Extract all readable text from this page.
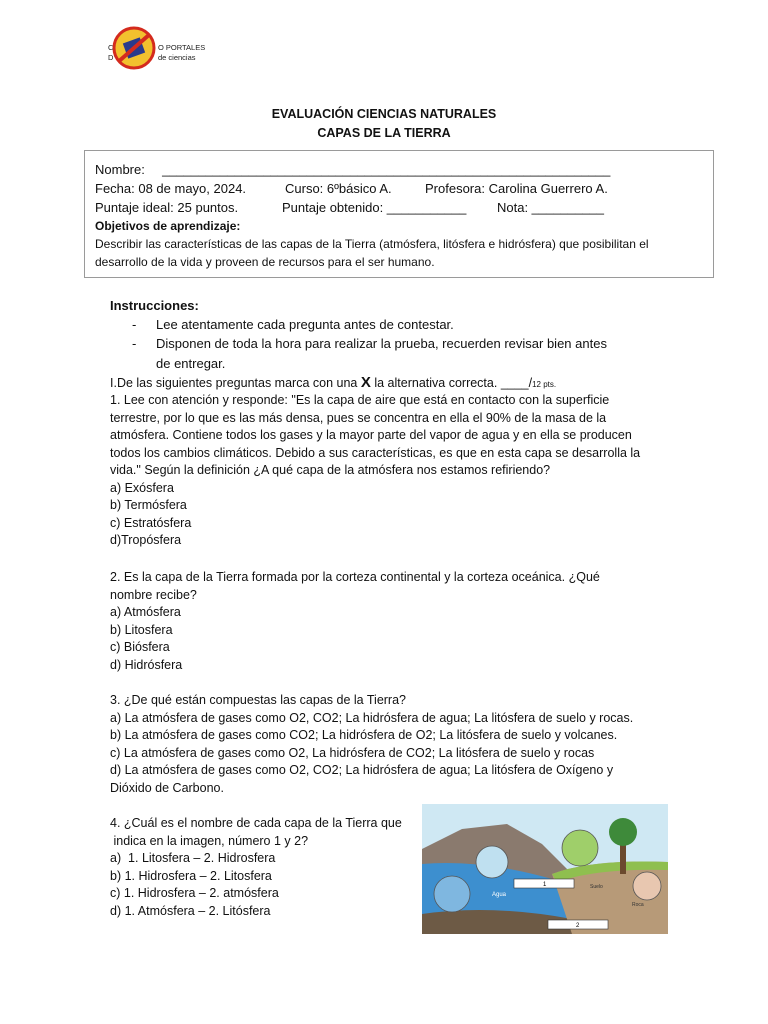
C	O PORTALES
D	de ciencias
EVALUACIÓN CIENCIAS NATURALES
CAPAS DE LA TIERRA
Nombre: ______________________________________________________________
Fecha: 08 de mayo, 2024.	Curso: 6ºbásico A.	Profesora: Carolina Guerrero A.
Puntaje ideal: 25 puntos.	Puntaje obtenido: ___________ Nota: __________
Objetivos de aprendizaje:
Describir las características de las capas de la Tierra (atmósfera, litósfera e hidrósfera) que posibilitan el
desarrollo de la vida y proveen de recursos para el ser humano.
Instrucciones:
- Lee atentamente cada pregunta antes de contestar.
- Disponen de toda la hora para realizar la prueba, recuerden revisar bien antes
de entregar.
I.De las siguientes preguntas marca con una X la alternativa correcta. ____/12 pts.
1. Lee con atención y responde: "Es la capa de aire que está en contacto con la superficie
terrestre, por lo que es las más densa, pues se concentra en ella el 90% de la masa de la
atmósfera. Contiene todos los gases y la mayor parte del vapor de agua y en ella se producen
todos los cambios climáticos. Debido a sus características, es que en esta capa se desarrolla la
vida." Según la definición ¿A qué capa de la atmósfera nos estamos refiriendo?
a) Exósfera
b) Termósfera
c) Estratósfera
d)Tropósfera
2. Es la capa de la Tierra formada por la corteza continental y la corteza oceánica. ¿Qué
nombre recibe?
a) Atmósfera
b) Litosfera
c) Biósfera
d) Hidrósfera
3. ¿De qué están compuestas las capas de la Tierra?
a) La atmósfera de gases como O2, CO2; La hidrósfera de agua; La litósfera de suelo y rocas.
b) La atmósfera de gases como CO2; La hidrósfera de O2; La litósfera de suelo y volcanes.
c) La atmósfera de gases como O2, La hidrósfera de CO2; La litósfera de suelo y rocas
d) La atmósfera de gases como O2, CO2; La hidrósfera de agua; La litósfera de Oxígeno y
Dióxido de Carbono.
4. ¿Cuál es el nombre de cada capa de la Tierra que
indica en la imagen, número 1 y 2?
a)  1. Litosfera – 2. Hidrosfera
b) 1. Hidrosfera – 2. Litosfera
c) 1. Hidrosfera – 2. atmósfera
d) 1. Atmósfera – 2. Litósfera
Agua
Suelo
Roca
1
2
